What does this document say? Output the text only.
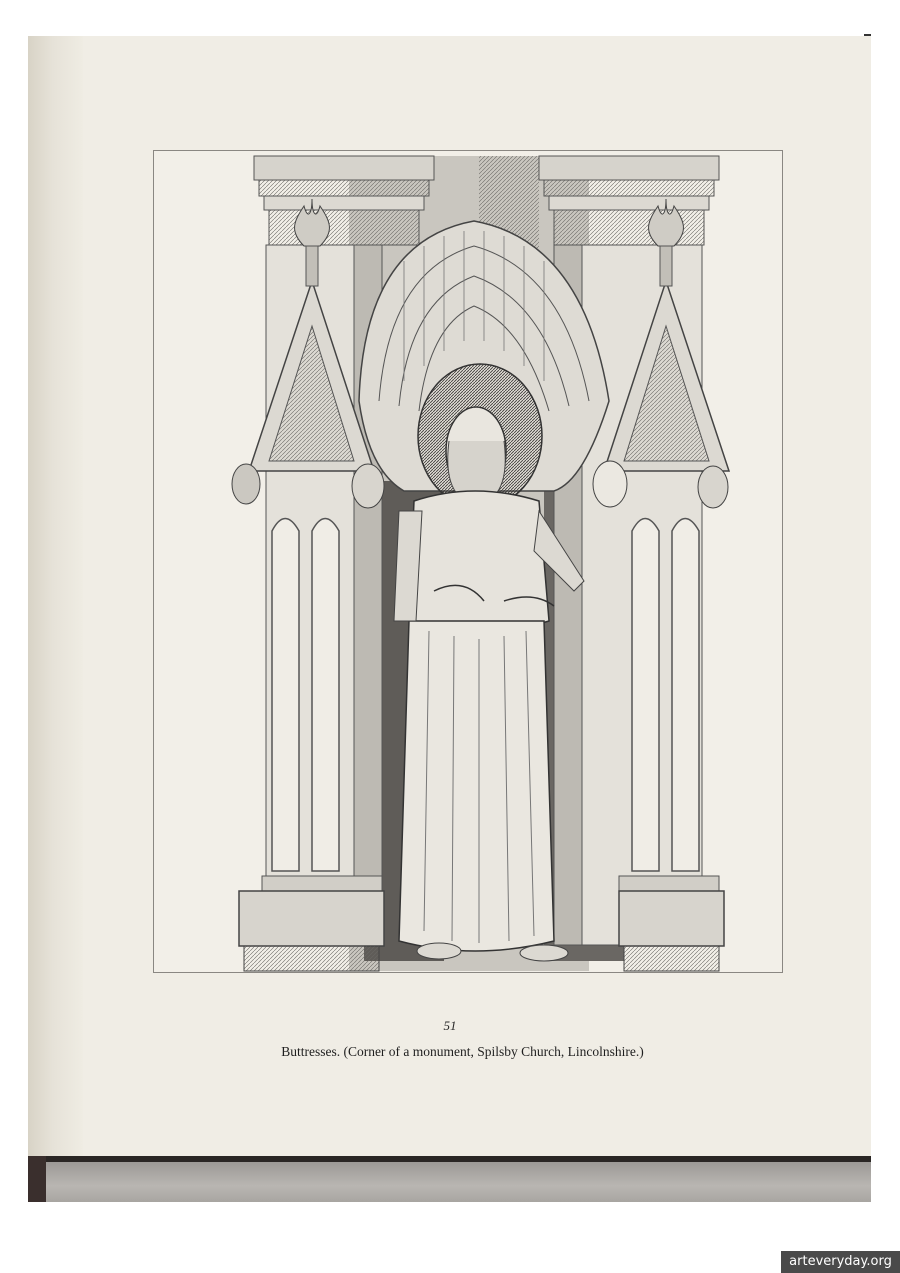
51
Buttresses. (Corner of a monument, Spilsby Church, Lincolnshire.)
arteveryday.org
